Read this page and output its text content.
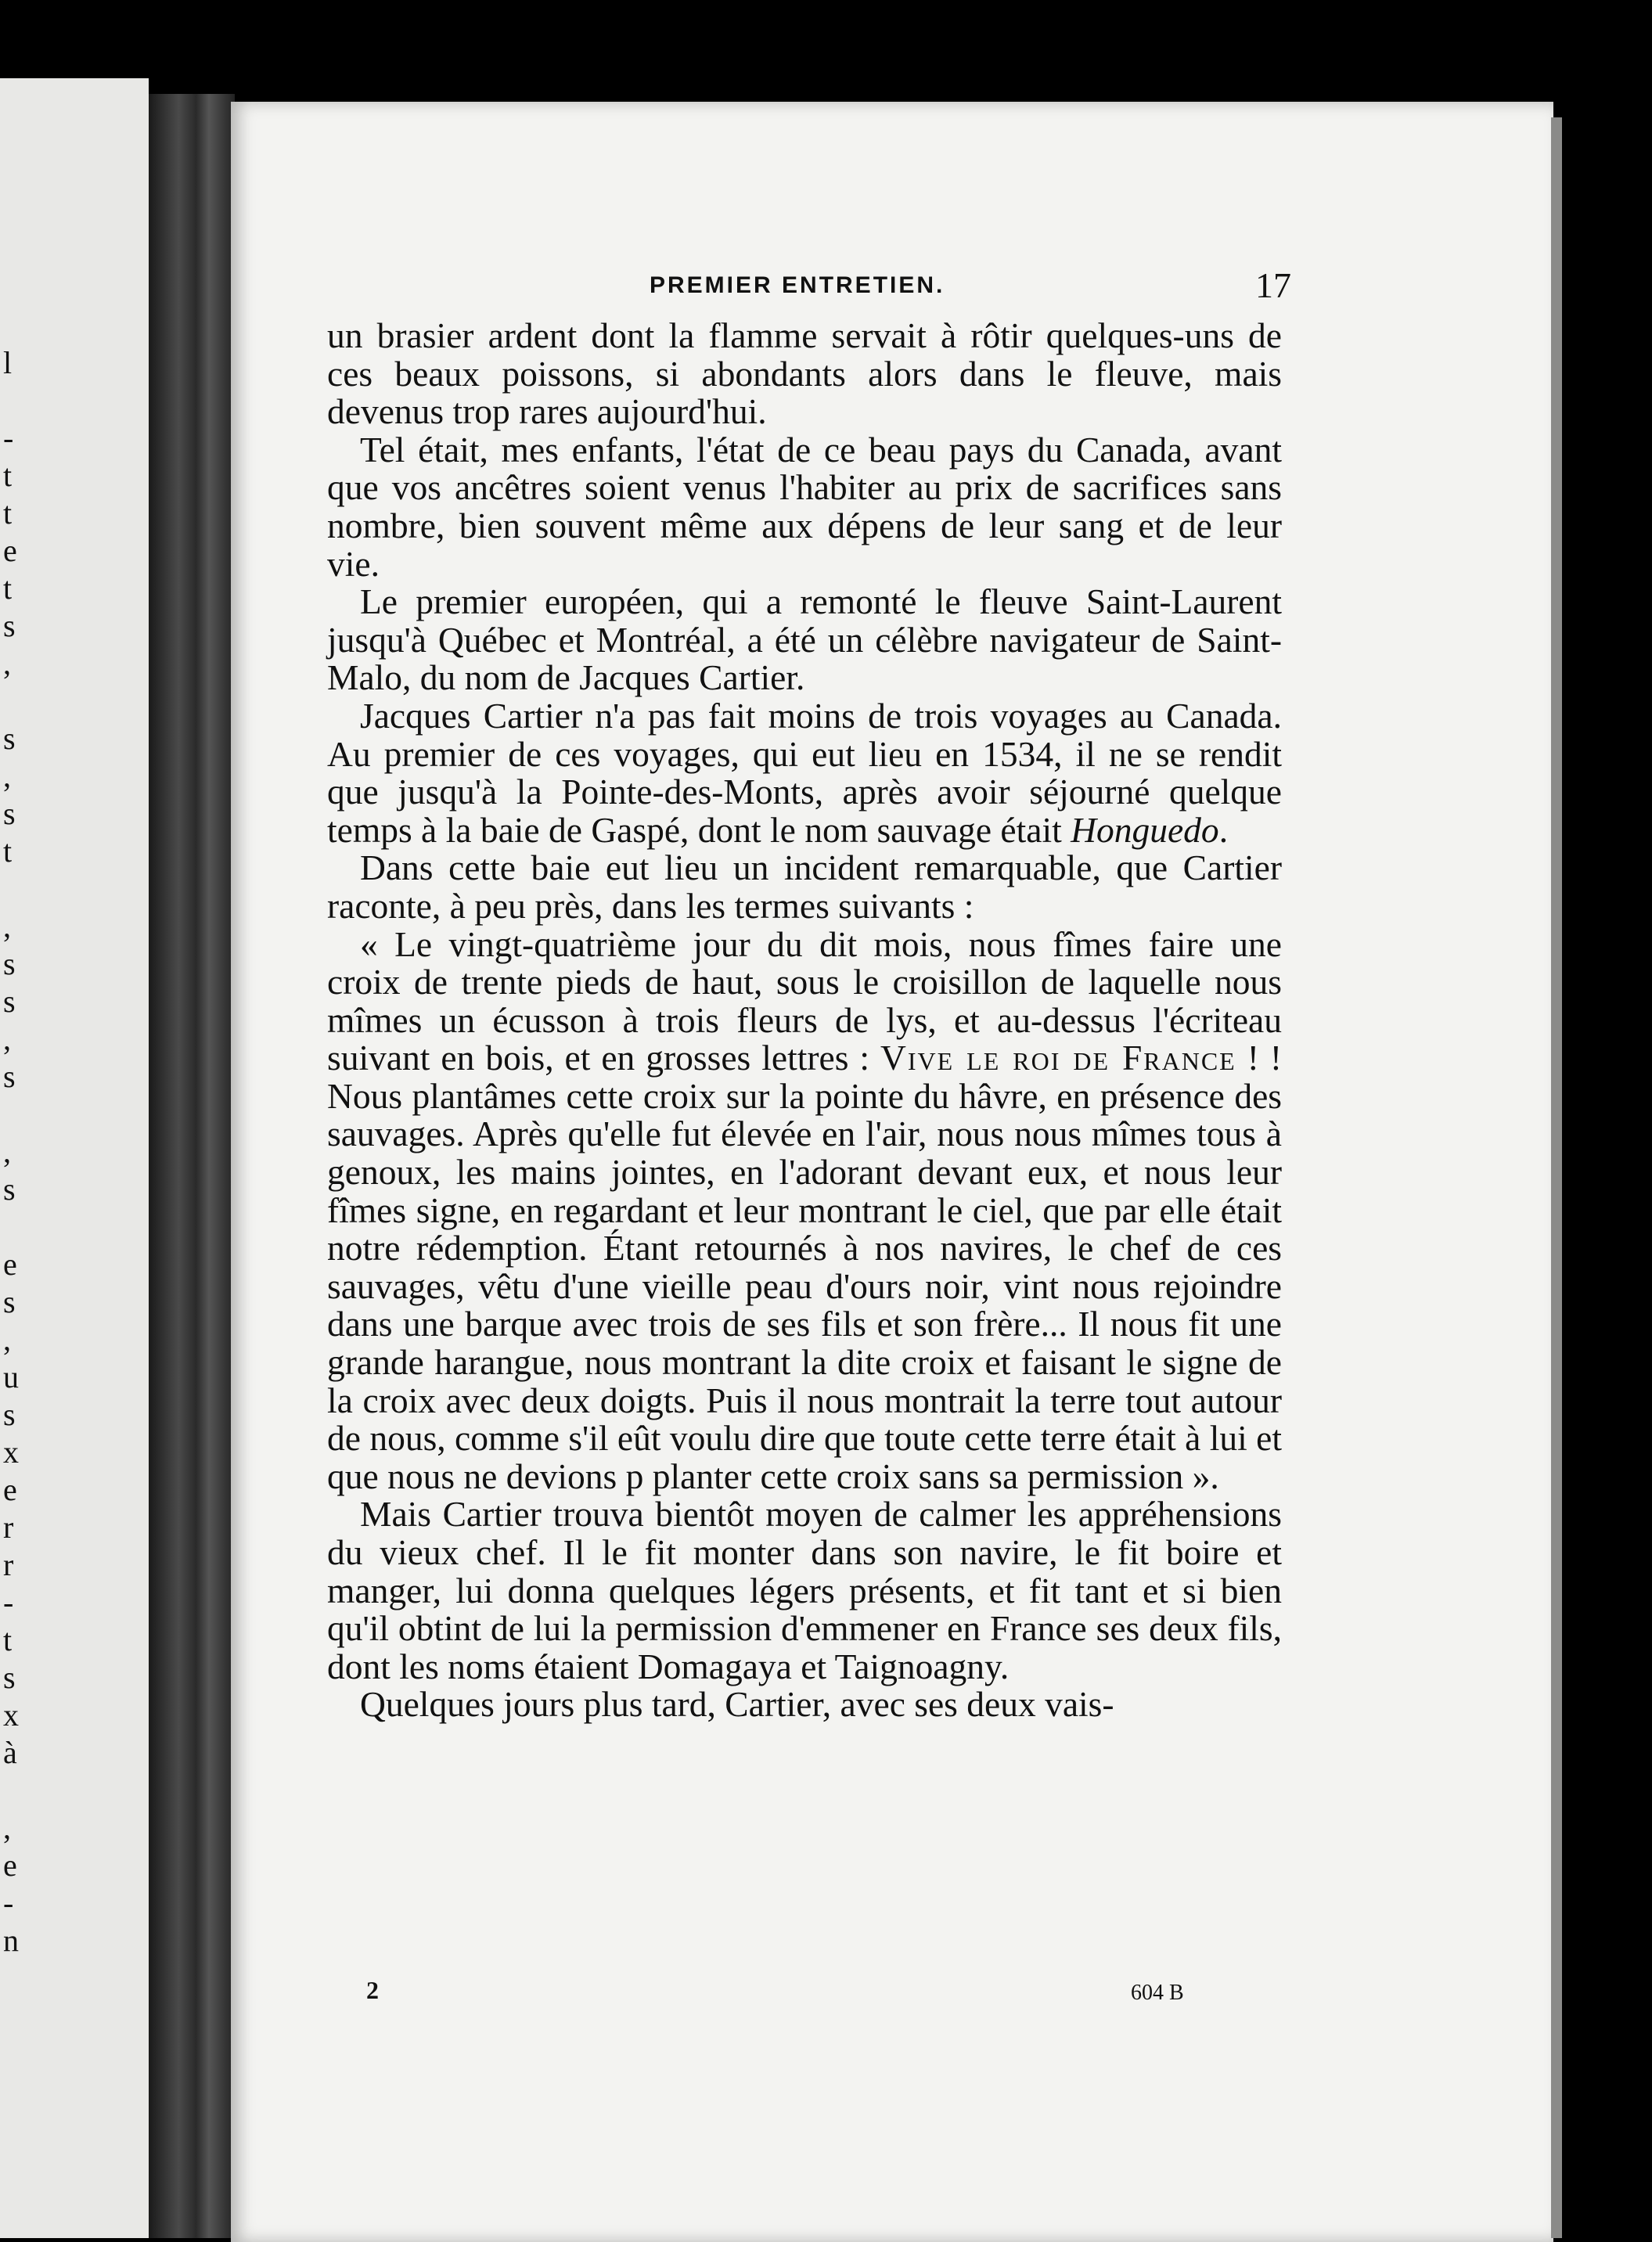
l
-
t
t
e
t
s
,
s
,
s
t
,
s
s
,
s
,
s
e
s
,
u
s
x
e
r
r
-
t
s
x
à
,
e
-
n
PREMIER ENTRETIEN.	17

un brasier ardent dont la flamme servait à rôtir quelques-uns de ces beaux poissons, si abondants alors dans le fleuve, mais devenus trop rares aujourd'hui.

Tel était, mes enfants, l'état de ce beau pays du Canada, avant que vos ancêtres soient venus l'habiter au prix de sacrifices sans nombre, bien souvent même aux dépens de leur sang et de leur vie.

Le premier européen, qui a remonté le fleuve Saint-Laurent jusqu'à Québec et Montréal, a été un célèbre navigateur de Saint-Malo, du nom de Jacques Cartier.

Jacques Cartier n'a pas fait moins de trois voyages au Canada. Au premier de ces voyages, qui eut lieu en 1534, il ne se rendit que jusqu'à la Pointe-des-Monts, après avoir séjourné quelque temps à la baie de Gaspé, dont le nom sauvage était Honguedo.

Dans cette baie eut lieu un incident remarquable, que Cartier raconte, à peu près, dans les termes suivants :

« Le vingt-quatrième jour du dit mois, nous fîmes faire une croix de trente pieds de haut, sous le croisillon de laquelle nous mîmes un écusson à trois fleurs de lys, et au-dessus l'écriteau suivant en bois, et en grosses lettres : Vive le roi de France ! ! Nous plantâmes cette croix sur la pointe du hâvre, en présence des sauvages. Après qu'elle fut élevée en l'air, nous nous mîmes tous à genoux, les mains jointes, en l'adorant devant eux, et nous leur fîmes signe, en regardant et leur montrant le ciel, que par elle était notre rédemption. Étant retournés à nos navires, le chef de ces sauvages, vêtu d'une vieille peau d'ours noir, vint nous rejoindre dans une barque avec trois de ses fils et son frère... Il nous fit une grande harangue, nous montrant la dite croix et faisant le signe de la croix avec deux doigts. Puis il nous montrait la terre tout autour de nous, comme s'il eût voulu dire que toute cette terre était à lui et que nous ne devions p planter cette croix sans sa permission ».

Mais Cartier trouva bientôt moyen de calmer les appréhensions du vieux chef. Il le fit monter dans son navire, le fit boire et manger, lui donna quelques légers présents, et fit tant et si bien qu'il obtint de lui la permission d'emmener en France ses deux fils, dont les noms étaient Domagaya et Taignoagny.

Quelques jours plus tard, Cartier, avec ses deux vais-

2	604 B
